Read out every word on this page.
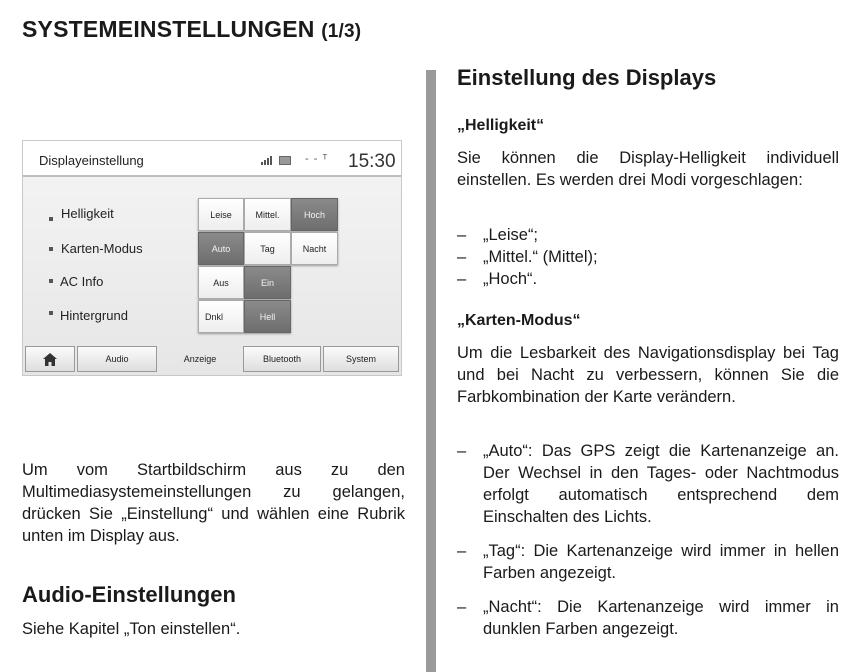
SYSTEMEINSTELLUNGEN (1/3)
Displayeinstellung	- - ᵀ 15:30
Helligkeit	Leise	Mittel.	Hoch
Karten-Modus	Auto	Tag	Nacht
AC Info	Aus	Ein
Hintergrund	Dnkl	Hell
Audio	Anzeige	Bluetooth	System

Um vom Startbildschirm aus zu den Multimediasystemeinstellungen zu gelangen, drücken Sie „Einstellung“ und wählen eine Rubrik unten im Display aus.

Audio-Einstellungen
Siehe Kapitel „Ton einstellen“.
Einstellung des Displays
„Helligkeit“

Sie können die Display-Helligkeit individuell einstellen. Es werden drei Modi vorgeschlagen:

– „Leise“;
– „Mittel.“ (Mittel);
– „Hoch“.
„Karten-Modus“

Um die Lesbarkeit des Navigationsdisplay bei Tag und bei Nacht zu verbessern, können Sie die Farbkombination der Karte verändern.

– „Auto“: Das GPS zeigt die Kartenanzeige an. Der Wechsel in den Tages- oder Nachtmodus erfolgt automatisch entsprechend dem Einschalten des Lichts.
– „Tag“: Die Kartenanzeige wird immer in hellen Farben angezeigt.
– „Nacht“: Die Kartenanzeige wird immer in dunklen Farben angezeigt.
